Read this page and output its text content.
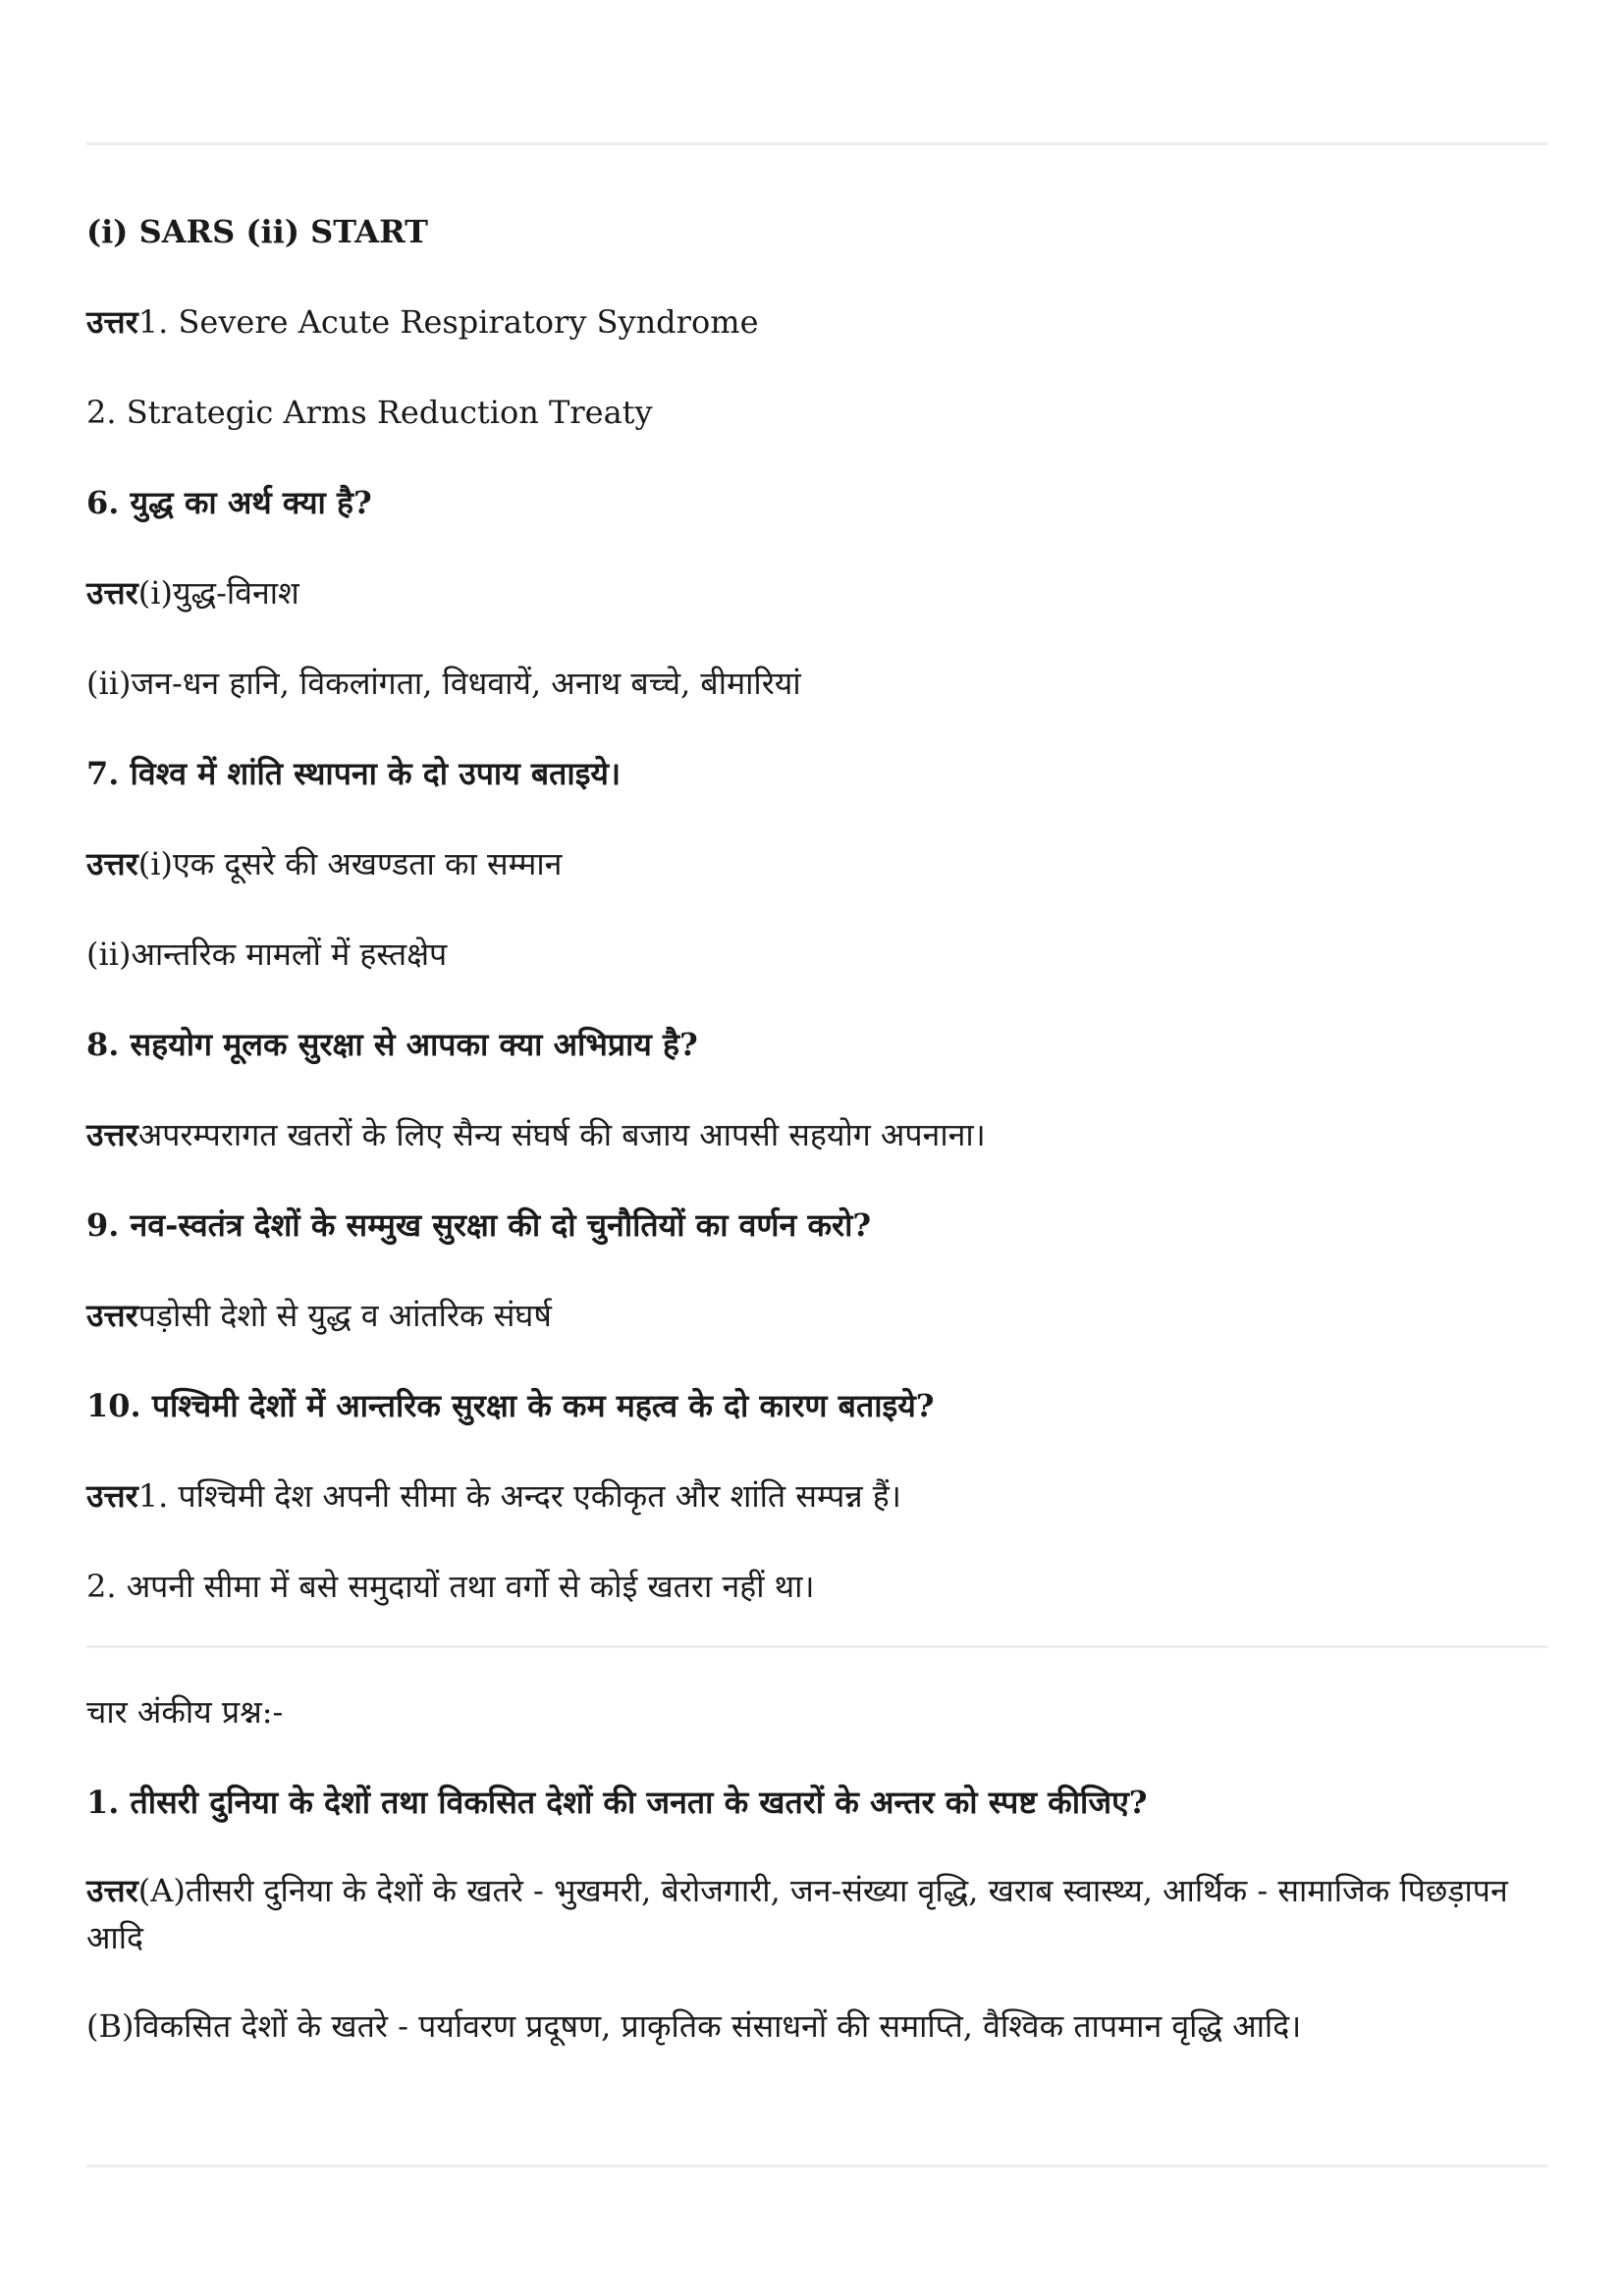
(i) SARS (ii) START
उत्तर1. Severe Acute Respiratory Syndrome
2. Strategic Arms Reduction Treaty
6. युद्ध का अर्थ क्या है?
उत्तर(i)युद्ध-विनाश
(ii)जन-धन हानि, विकलांगता, विधवायें, अनाथ बच्चे, बीमारियां
7. विश्व में शांति स्थापना के दो उपाय बताइये।
उत्तर(i)एक दूसरे की अखण्डता का सम्मान
(ii)आन्तरिक मामलों में हस्तक्षेप
8. सहयोग मूलक सुरक्षा से आपका क्या अभिप्राय है?
उत्तरअपरम्परागत खतरों के लिए सैन्य संघर्ष की बजाय आपसी सहयोग अपनाना।
9. नव-स्वतंत्र देशों के सम्मुख सुरक्षा की दो चुनौतियों का वर्णन करो?
उत्तरपड़ोसी देशो से युद्ध व आंतरिक संघर्ष
10. पश्चिमी देशों में आन्तरिक सुरक्षा के कम महत्व के दो कारण बताइये?
उत्तर1. पश्चिमी देश अपनी सीमा के अन्दर एकीकृत और शांति सम्पन्न हैं।
2. अपनी सीमा में बसे समुदायों तथा वर्गो से कोई खतरा नहीं था।
चार अंकीय प्रश्न:-
1. तीसरी दुनिया के देशों तथा विकसित देशों की जनता के खतरों के अन्तर को स्पष्ट कीजिए?
उत्तर(A)तीसरी दुनिया के देशों के खतरे - भुखमरी, बेरोजगारी, जन-संख्या वृद्धि, खराब स्वास्थ्य, आर्थिक - सामाजिक पिछड़ापन आदि
(B)विकसित देशों के खतरे - पर्यावरण प्रदूषण, प्राकृतिक संसाधनों की समाप्ति, वैश्विक तापमान वृद्धि आदि।
